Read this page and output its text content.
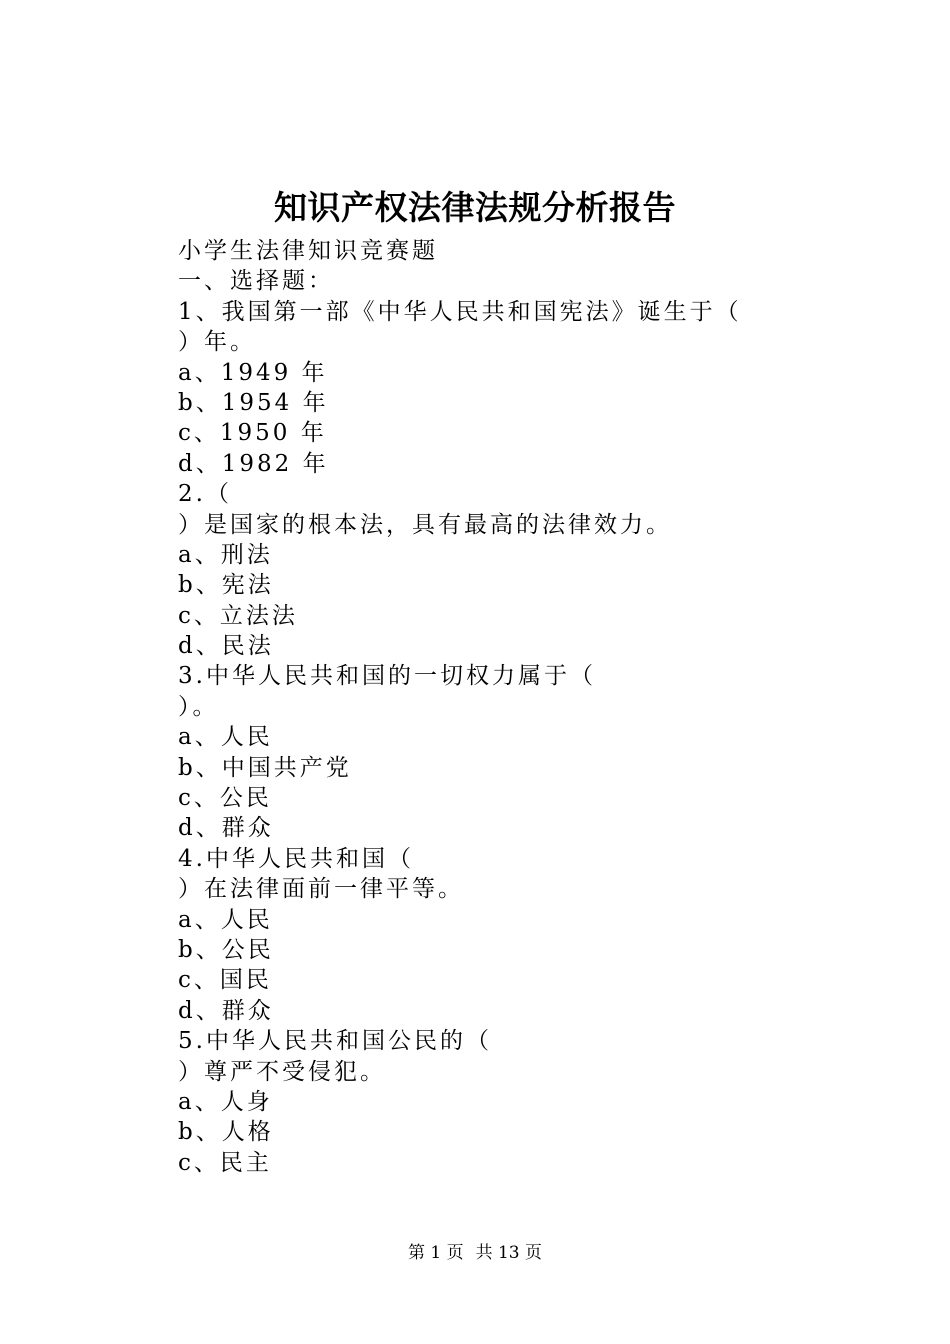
知识产权法律法规分析报告
小学生法律知识竞赛题
一、选择题：
1、我国第一部《中华人民共和国宪法》诞生于（
）年。
a、1949 年
b、1954 年
c、1950 年
d、1982 年
2.（
）是国家的根本法，具有最高的法律效力。
a、刑法
b、宪法
c、立法法
d、民法
3.中华人民共和国的一切权力属于（
）。
a、人民
b、中国共产党
c、公民
d、群众
4.中华人民共和国（
）在法律面前一律平等。
a、人民
b、公民
c、国民
d、群众
5.中华人民共和国公民的（
）尊严不受侵犯。
a、人身
b、人格
c、民主
第 1 页 共 13 页
